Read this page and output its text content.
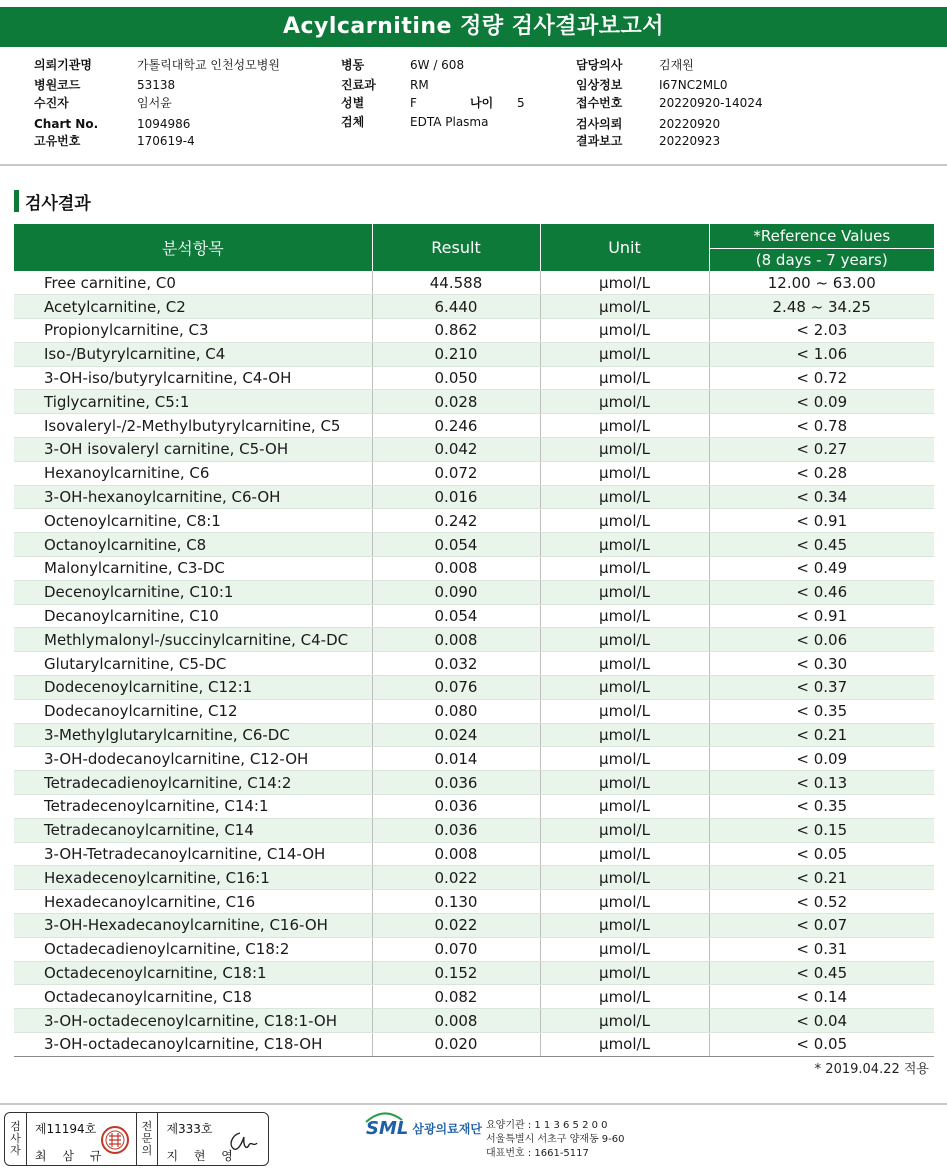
Acylcarnitine 정량 검사결과보고서
의뢰기관명	가톨릭대학교 인천성모병원
병원코드	53138
수진자	임서윤
Chart No.	1094986
고유번호	170619-4
병동	6W / 608
진료과	RM
성별	F	나이 5
검체	EDTA Plasma
담당의사	김재원
임상정보	I67NC2ML0
접수번호	20220920-14024
검사의뢰	20220920
결과보고	20220923
검사결과
분석항목	Result	Unit	*Reference Values
			(8 days - 7 years)
Free carnitine, C0	44.588	μmol/L	12.00 ~ 63.00
Acetylcarnitine, C2	6.440	μmol/L	2.48 ~ 34.25
Propionylcarnitine, C3	0.862	μmol/L	< 2.03
Iso-/Butyrylcarnitine, C4	0.210	μmol/L	< 1.06
3-OH-iso/butyrylcarnitine, C4-OH	0.050	μmol/L	< 0.72
Tiglycarnitine, C5:1	0.028	μmol/L	< 0.09
Isovaleryl-/2-Methylbutyrylcarnitine, C5	0.246	μmol/L	< 0.78
3-OH isovaleryl carnitine, C5-OH	0.042	μmol/L	< 0.27
Hexanoylcarnitine, C6	0.072	μmol/L	< 0.28
3-OH-hexanoylcarnitine, C6-OH	0.016	μmol/L	< 0.34
Octenoylcarnitine, C8:1	0.242	μmol/L	< 0.91
Octanoylcarnitine, C8	0.054	μmol/L	< 0.45
Malonylcarnitine, C3-DC	0.008	μmol/L	< 0.49
Decenoylcarnitine, C10:1	0.090	μmol/L	< 0.46
Decanoylcarnitine, C10	0.054	μmol/L	< 0.91
Methlymalonyl-/succinylcarnitine, C4-DC	0.008	μmol/L	< 0.06
Glutarylcarnitine, C5-DC	0.032	μmol/L	< 0.30
Dodecenoylcarnitine, C12:1	0.076	μmol/L	< 0.37
Dodecanoylcarnitine, C12	0.080	μmol/L	< 0.35
3-Methylglutarylcarnitine, C6-DC	0.024	μmol/L	< 0.21
3-OH-dodecanoylcarnitine, C12-OH	0.014	μmol/L	< 0.09
Tetradecadienoylcarnitine, C14:2	0.036	μmol/L	< 0.13
Tetradecenoylcarnitine, C14:1	0.036	μmol/L	< 0.35
Tetradecanoylcarnitine, C14	0.036	μmol/L	< 0.15
3-OH-Tetradecanoylcarnitine, C14-OH	0.008	μmol/L	< 0.05
Hexadecenoylcarnitine, C16:1	0.022	μmol/L	< 0.21
Hexadecanoylcarnitine, C16	0.130	μmol/L	< 0.52
3-OH-Hexadecanoylcarnitine, C16-OH	0.022	μmol/L	< 0.07
Octadecadienoylcarnitine, C18:2	0.070	μmol/L	< 0.31
Octadecenoylcarnitine, C18:1	0.152	μmol/L	< 0.45
Octadecanoylcarnitine, C18	0.082	μmol/L	< 0.14
3-OH-octadecenoylcarnitine, C18:1-OH	0.008	μmol/L	< 0.04
3-OH-octadecanoylcarnitine, C18-OH	0.020	μmol/L	< 0.05
* 2019.04.22 적용
검
사
자
제11194호
최 삼 규
전
문
의
제333호
지 현 영
SML 삼광의료재단 요양기관 : 1 1 3 6 5 2 0 0
서울특별시 서초구 양재동 9-60
대표번호 : 1661-5117
